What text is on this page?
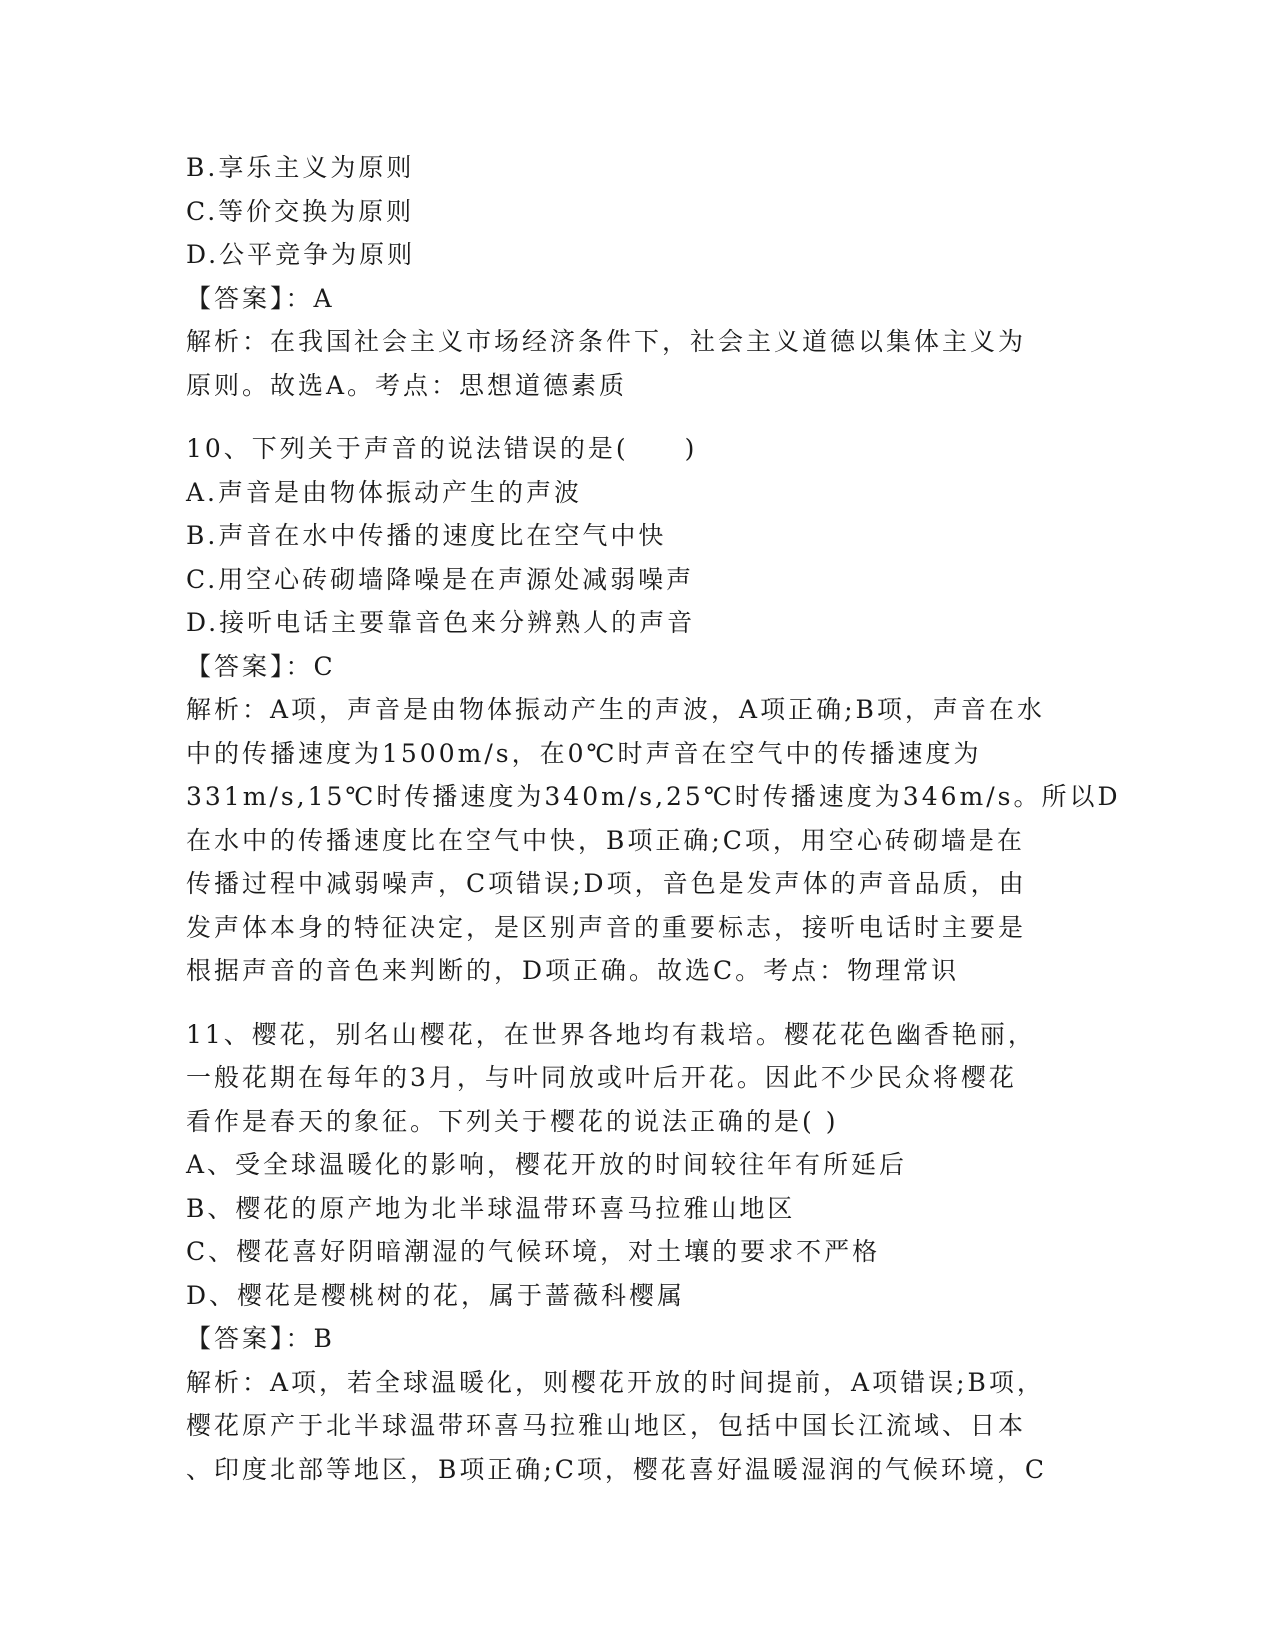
B.享乐主义为原则
C.等价交换为原则
D.公平竞争为原则
【答案】：A
解析：在我国社会主义市场经济条件下，社会主义道德以集体主义为
原则。故选A。考点：思想道德素质
10、下列关于声音的说法错误的是(　　)
A.声音是由物体振动产生的声波
B.声音在水中传播的速度比在空气中快
C.用空心砖砌墙降噪是在声源处减弱噪声
D.接听电话主要靠音色来分辨熟人的声音
【答案】：C
解析：A项，声音是由物体振动产生的声波，A项正确;B项，声音在水
中的传播速度为1500m/s，在0℃时声音在空气中的传播速度为
331m/s,15℃时传播速度为340m/s,25℃时传播速度为346m/s。所以D
在水中的传播速度比在空气中快，B项正确;C项，用空心砖砌墙是在
传播过程中减弱噪声，C项错误;D项，音色是发声体的声音品质，由
发声体本身的特征决定，是区别声音的重要标志，接听电话时主要是
根据声音的音色来判断的，D项正确。故选C。考点：物理常识
11、樱花，别名山樱花，在世界各地均有栽培。樱花花色幽香艳丽，
一般花期在每年的3月，与叶同放或叶后开花。因此不少民众将樱花
看作是春天的象征。下列关于樱花的说法正确的是( )
A、受全球温暖化的影响，樱花开放的时间较往年有所延后
B、樱花的原产地为北半球温带环喜马拉雅山地区
C、樱花喜好阴暗潮湿的气候环境，对土壤的要求不严格
D、樱花是樱桃树的花，属于蔷薇科樱属
【答案】：B
解析：A项，若全球温暖化，则樱花开放的时间提前，A项错误;B项，
樱花原产于北半球温带环喜马拉雅山地区，包括中国长江流域、日本
、印度北部等地区，B项正确;C项，樱花喜好温暖湿润的气候环境，C
